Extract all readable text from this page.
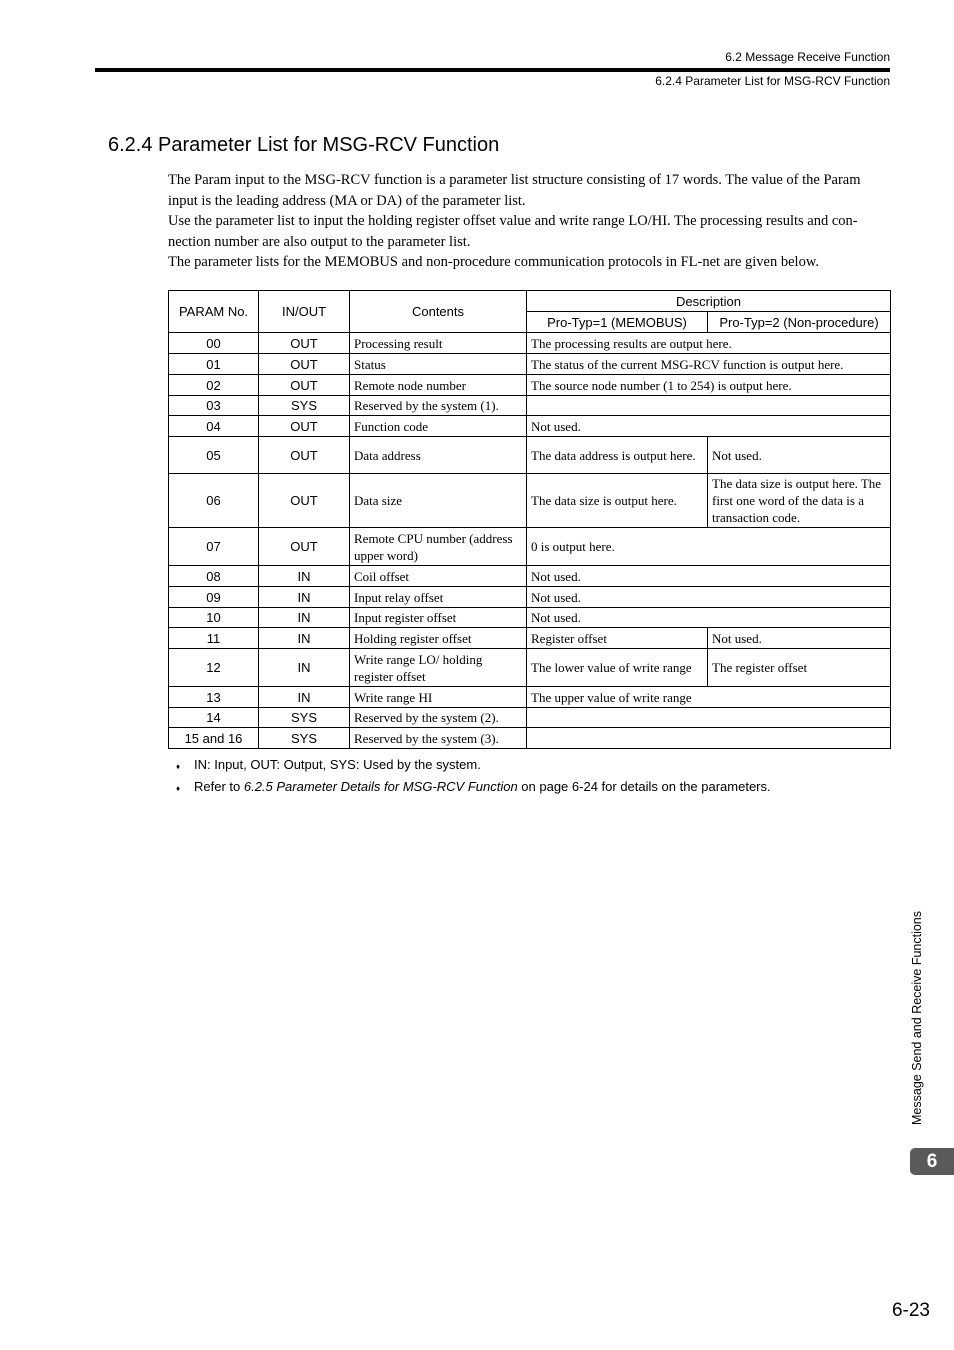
6.2 Message Receive Function
6.2.4 Parameter List for MSG-RCV Function
6.2.4 Parameter List for MSG-RCV Function

The Param input to the MSG-RCV function is a parameter list structure consisting of 17 words. The value of the Param input is the leading address (MA or DA) of the parameter list.

Use the parameter list to input the holding register offset value and write range LO/HI. The processing results and con-nection number are also output to the parameter list.

The parameter lists for the MEMOBUS and non-procedure communication protocols in FL-net are given below.

PARAM No.	IN/OUT	Contents	Description	
			Pro-Typ=1 (MEMOBUS)	Pro-Typ=2 (Non-procedure)
00	OUT	Processing result	The processing results are output here.	
01	OUT	Status	The status of the current MSG-RCV function is output here.	
02	OUT	Remote node number	The source node number (1 to 254) is output here.	
03	SYS	Reserved by the system (1).		
04	OUT	Function code	Not used.	
05	OUT	Data address	The data address is output here.	Not used.
06	OUT	Data size	The data size is output here.	The data size is output here. The first one word of the data is a transaction code.
07	OUT	Remote CPU number (address upper word)	0 is output here.	
08	IN	Coil offset	Not used.	
09	IN	Input relay offset	Not used.	
10	IN	Input register offset	Not used.	
11	IN	Holding register offset	Register offset	Not used.
12	IN	Write range LO/ holding register offset	The lower value of write range	The register offset
13	IN	Write range HI	The upper value of write range	
14	SYS	Reserved by the system (2).		
15 and 16	SYS	Reserved by the system (3).		
♦	IN: Input, OUT: Output, SYS: Used by the system.
♦	Refer to 6.2.5 Parameter Details for MSG-RCV Function on page 6-24 for details on the parameters.
Message Send and Receive Functions
6
6-23
